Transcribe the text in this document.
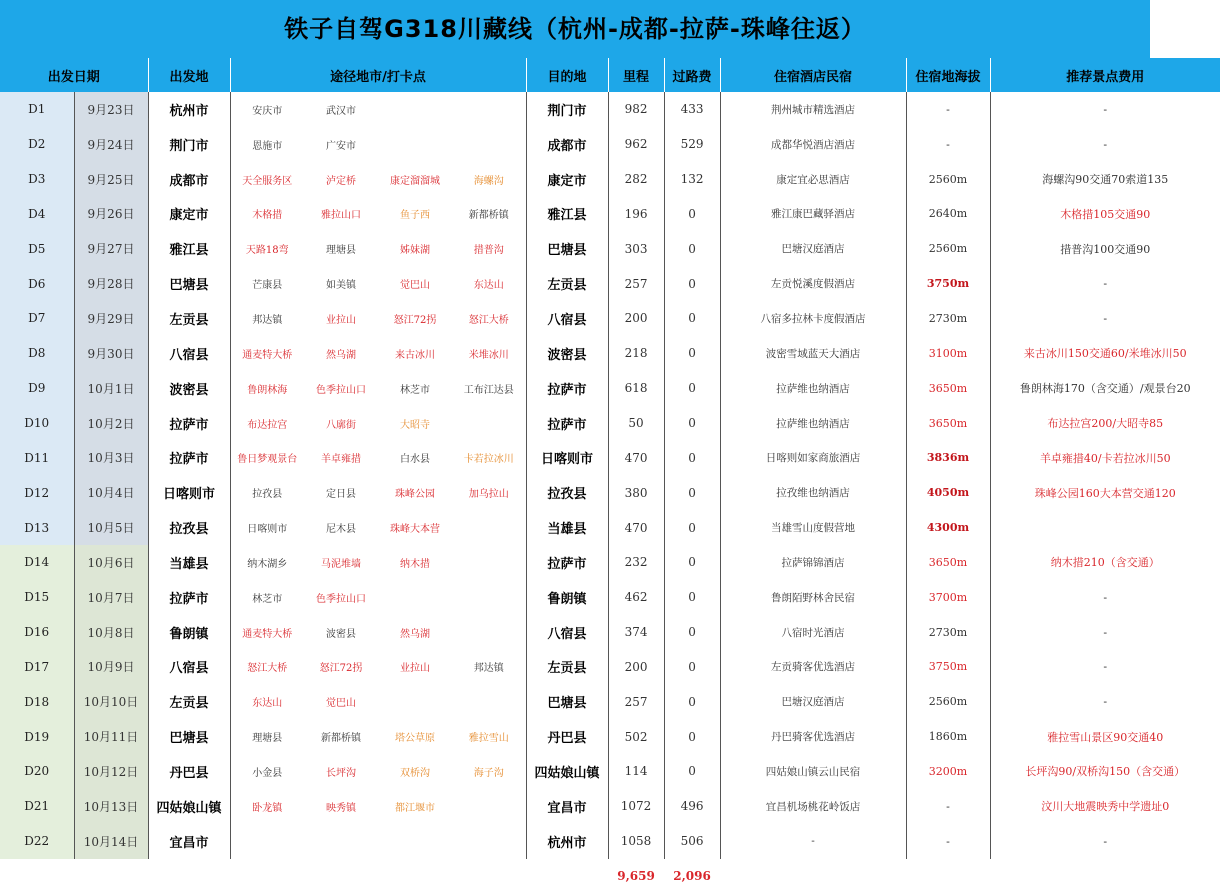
铁子自驾G318川藏线（杭州-成都-拉萨-珠峰往返）
出发日期		出发地	途径地市/打卡点				目的地	里程	过路费	住宿酒店民宿	住宿地海拔	推荐景点费用
D1	9月23日	杭州市	安庆市	武汉市			荆门市	982	433	荆州城市精选酒店	-	-
D2	9月24日	荆门市	恩施市	广安市			成都市	962	529	成都华悦酒店酒店	-	-
D3	9月25日	成都市	天全服务区	泸定桥	康定溜溜城	海螺沟	康定市	282	132	康定宜必思酒店	2560m	海螺沟90交通70索道135
D4	9月26日	康定市	木格措	雅拉山口	鱼子西	新都桥镇	雅江县	196	0	雅江康巴藏驿酒店	2640m	木格措105交通90
D5	9月27日	雅江县	天路18弯	理塘县	姊妹湖	措普沟	巴塘县	303	0	巴塘汉庭酒店	2560m	措普沟100交通90
D6	9月28日	巴塘县	芒康县	如美镇	觉巴山	东达山	左贡县	257	0	左贡悦溪度假酒店	3750m	-
D7	9月29日	左贡县	邦达镇	业拉山	怒江72拐	怒江大桥	八宿县	200	0	八宿多拉林卡度假酒店	2730m	-
D8	9月30日	八宿县	通麦特大桥	然乌湖	来古冰川	米堆冰川	波密县	218	0	波密雪域蓝天大酒店	3100m	来古冰川150交通60/米堆冰川50
D9	10月1日	波密县	鲁朗林海	色季拉山口	林芝市	工布江达县	拉萨市	618	0	拉萨维也纳酒店	3650m	鲁朗林海170（含交通）/观景台20
D10	10月2日	拉萨市	布达拉宫	八廓街	大昭寺		拉萨市	50	0	拉萨维也纳酒店	3650m	布达拉宫200/大昭寺85
D11	10月3日	拉萨市	鲁日梦观景台	羊卓雍措	白水县	卡若拉冰川	日喀则市	470	0	日喀则如家商旅酒店	3836m	羊卓雍措40/卡若拉冰川50
D12	10月4日	日喀则市	拉孜县	定日县	珠峰公园	加乌拉山	拉孜县	380	0	拉孜维也纳酒店	4050m	珠峰公园160大本营交通120
D13	10月5日	拉孜县	日喀则市	尼木县	珠峰大本营		当雄县	470	0	当雄雪山度假营地	4300m	
D14	10月6日	当雄县	纳木湖乡	马泥堆墙	纳木措		拉萨市	232	0	拉萨锦锦酒店	3650m	纳木措210（含交通）
D15	10月7日	拉萨市	林芝市	色季拉山口			鲁朗镇	462	0	鲁朗陌野林舍民宿	3700m	-
D16	10月8日	鲁朗镇	通麦特大桥	波密县	然乌湖		八宿县	374	0	八宿时光酒店	2730m	-
D17	10月9日	八宿县	怒江大桥	怒江72拐	业拉山	邦达镇	左贡县	200	0	左贡骑客优选酒店	3750m	-
D18	10月10日	左贡县	东达山	觉巴山			巴塘县	257	0	巴塘汉庭酒店	2560m	-
D19	10月11日	巴塘县	理塘县	新都桥镇	塔公草原	雅拉雪山	丹巴县	502	0	丹巴骑客优选酒店	1860m	雅拉雪山景区90交通40
D20	10月12日	丹巴县	小金县	长坪沟	双桥沟	海子沟	四姑娘山镇	114	0	四姑娘山镇云山民宿	3200m	长坪沟90/双桥沟150（含交通）
D21	10月13日	四姑娘山镇	卧龙镇	映秀镇	都江堰市		宜昌市	1072	496	宜昌机场桃花岭饭店	-	汶川大地震映秀中学遗址0
D22	10月14日	宜昌市					杭州市	1058	506	-	-	-
								9,659	2,096			
